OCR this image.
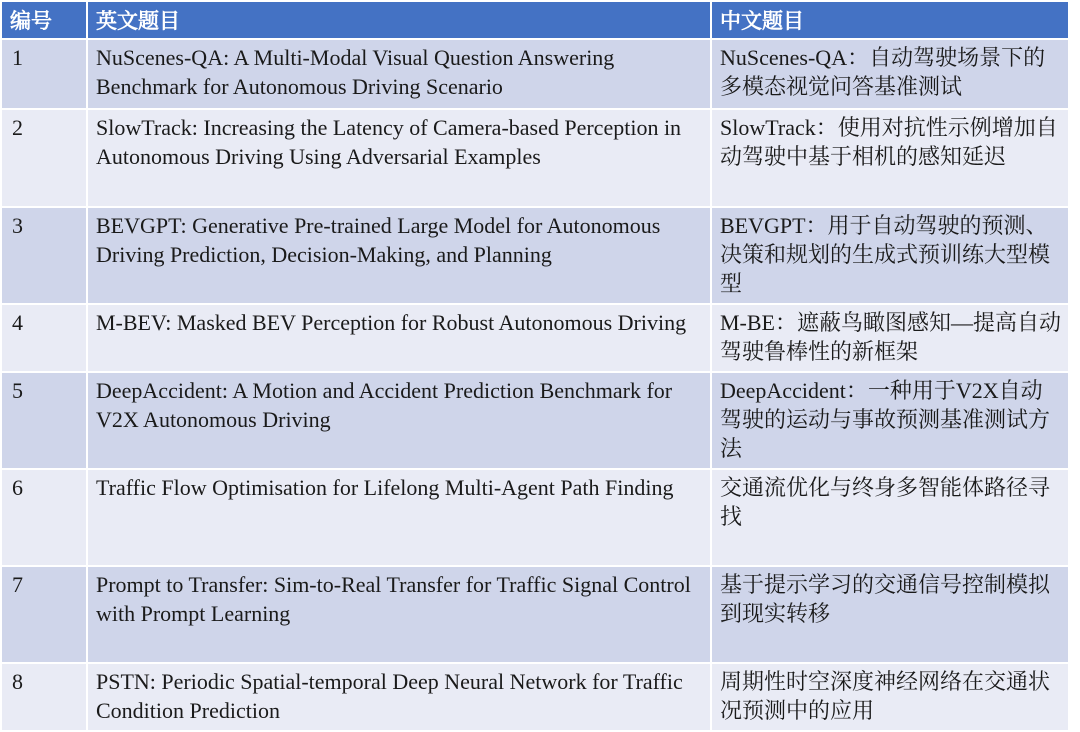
编号	英文题目	中文题目
1	NuScenes-QA: A Multi-Modal Visual Question Answering Benchmark for Autonomous Driving Scenario	NuScenes-QA：自动驾驶场景下的多模态视觉问答基准测试
2	SlowTrack: Increasing the Latency of Camera-based Perception in Autonomous Driving Using Adversarial Examples	SlowTrack：使用对抗性示例增加自动驾驶中基于相机的感知延迟
3	BEVGPT: Generative Pre-trained Large Model for Autonomous Driving Prediction, Decision-Making, and Planning	BEVGPT：用于自动驾驶的预测、决策和规划的生成式预训练大型模型
4	M-BEV: Masked BEV Perception for Robust Autonomous Driving	M-BE：遮蔽鸟瞰图感知—提高自动驾驶鲁棒性的新框架
5	DeepAccident: A Motion and Accident Prediction Benchmark for V2X Autonomous Driving	DeepAccident：一种用于V2X自动驾驶的运动与事故预测基准测试方法
6	Traffic Flow Optimisation for Lifelong Multi-Agent Path Finding	交通流优化与终身多智能体路径寻找
7	Prompt to Transfer: Sim-to-Real Transfer for Traffic Signal Control with Prompt Learning	基于提示学习的交通信号控制模拟到现实转移
8	PSTN: Periodic Spatial-temporal Deep Neural Network for Traffic Condition Prediction	周期性时空深度神经网络在交通状况预测中的应用
